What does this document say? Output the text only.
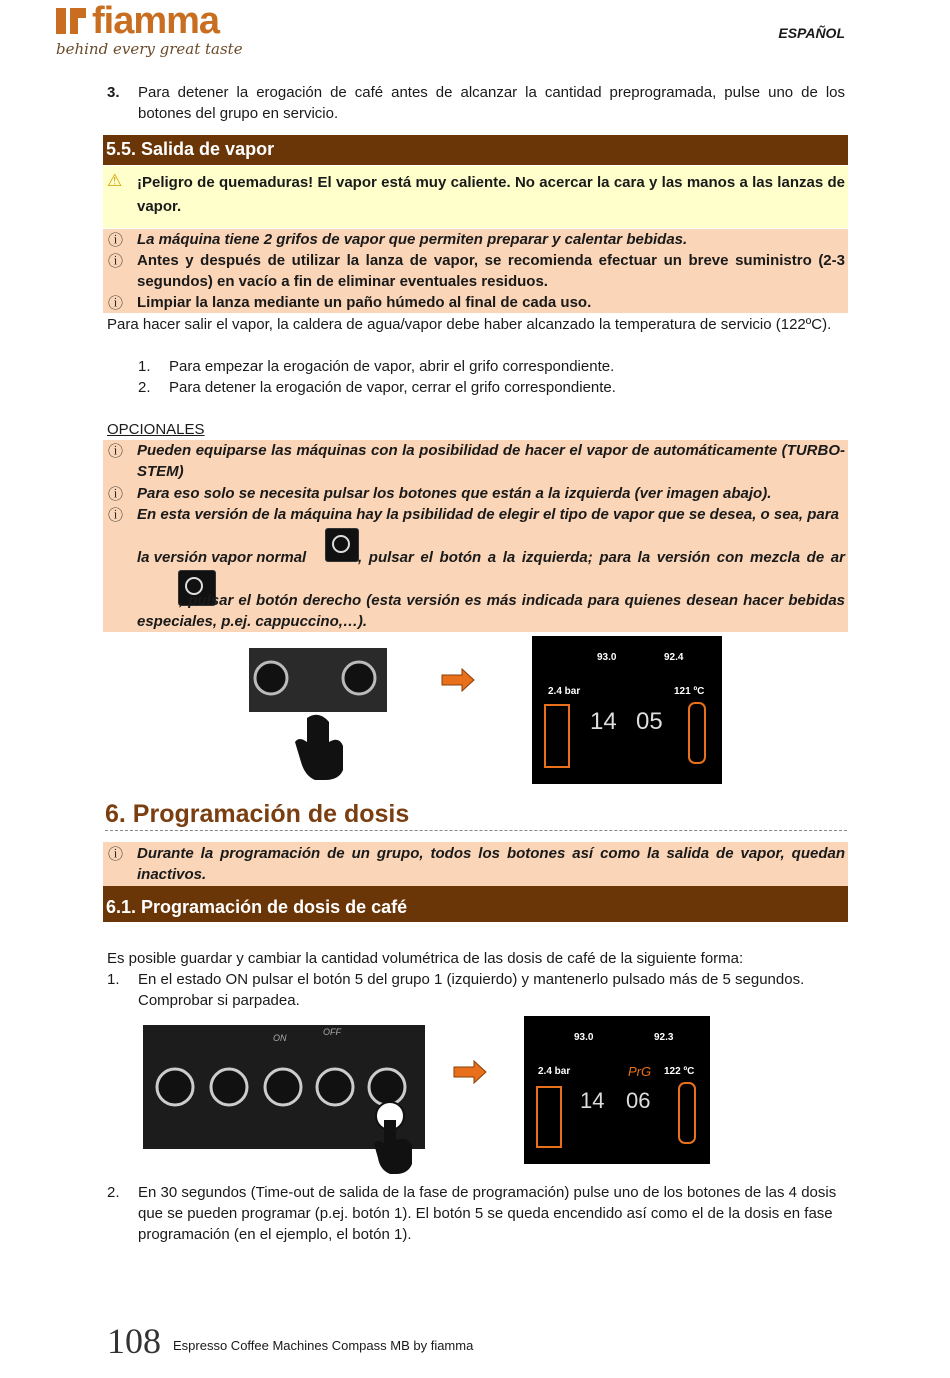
fiamma
behind every great taste
ESPAÑOL
3. Para detener la erogación de café antes de alcanzar la cantidad preprogramada, pulse uno de los botones del grupo en servicio.
5.5. Salida de vapor
⚠ ¡Peligro de quemaduras! El vapor está muy caliente. No acercar la cara y las manos a las lanzas de vapor.
ⓘ La máquina tiene 2 grifos de vapor que permiten preparar y calentar bebidas.
ⓘ Antes y después de utilizar la lanza de vapor, se recomienda efectuar un breve suministro (2-3 segundos) en vacío a fin de eliminar eventuales residuos.
ⓘ Limpiar la lanza mediante un paño húmedo al final de cada uso.
Para hacer salir el vapor, la caldera de agua/vapor debe haber alcanzado la temperatura de servicio (122ºC).
1. Para empezar la erogación de vapor, abrir el grifo correspondiente.
2. Para detener la erogación de vapor, cerrar el grifo correspondiente.
OPCIONALES
ⓘ Pueden equiparse las máquinas con la posibilidad de hacer el vapor de automáticamente (TURBO-STEM)
ⓘ Para eso solo se necesita pulsar los botones que están a la izquierda (ver imagen abajo).
ⓘ En esta versión de la máquina hay la psibilidad de elegir el tipo de vapor que se desea, o sea, para
la versión vapor normal
	, pulsar el botón a la izquierda; para la versión con mezcla de ar
, pulsar el botón derecho (esta versión es más indicada para quienes desean hacer bebidas especiales, p.ej. cappuccino,…).
93.0	92.4
2.4 bar	121 ºC
14 05
6. Programación de dosis
ⓘ Durante la programación de un grupo, todos los botones así como la salida de vapor, quedan inactivos.
6.1. Programación de dosis de café
Es posible guardar y cambiar la cantidad volumétrica de las dosis de café de la siguiente forma:
1. En el estado ON pulsar el botón 5 del grupo 1 (izquierdo) y mantenerlo pulsado más de 5 segundos. Comprobar si parpadea.
ON
OFF	93.0	92.3
2.4 bar	PrG 122 ºC
14 06
2. En 30 segundos (Time-out de salida de la fase de programación) pulse uno de los botones de las 4 dosis que se pueden programar (p.ej. botón 1). El botón 5 se queda encendido así como el de la dosis en fase programación (en el ejemplo, el botón 1).
108 Espresso Coffee Machines Compass MB by fiamma
